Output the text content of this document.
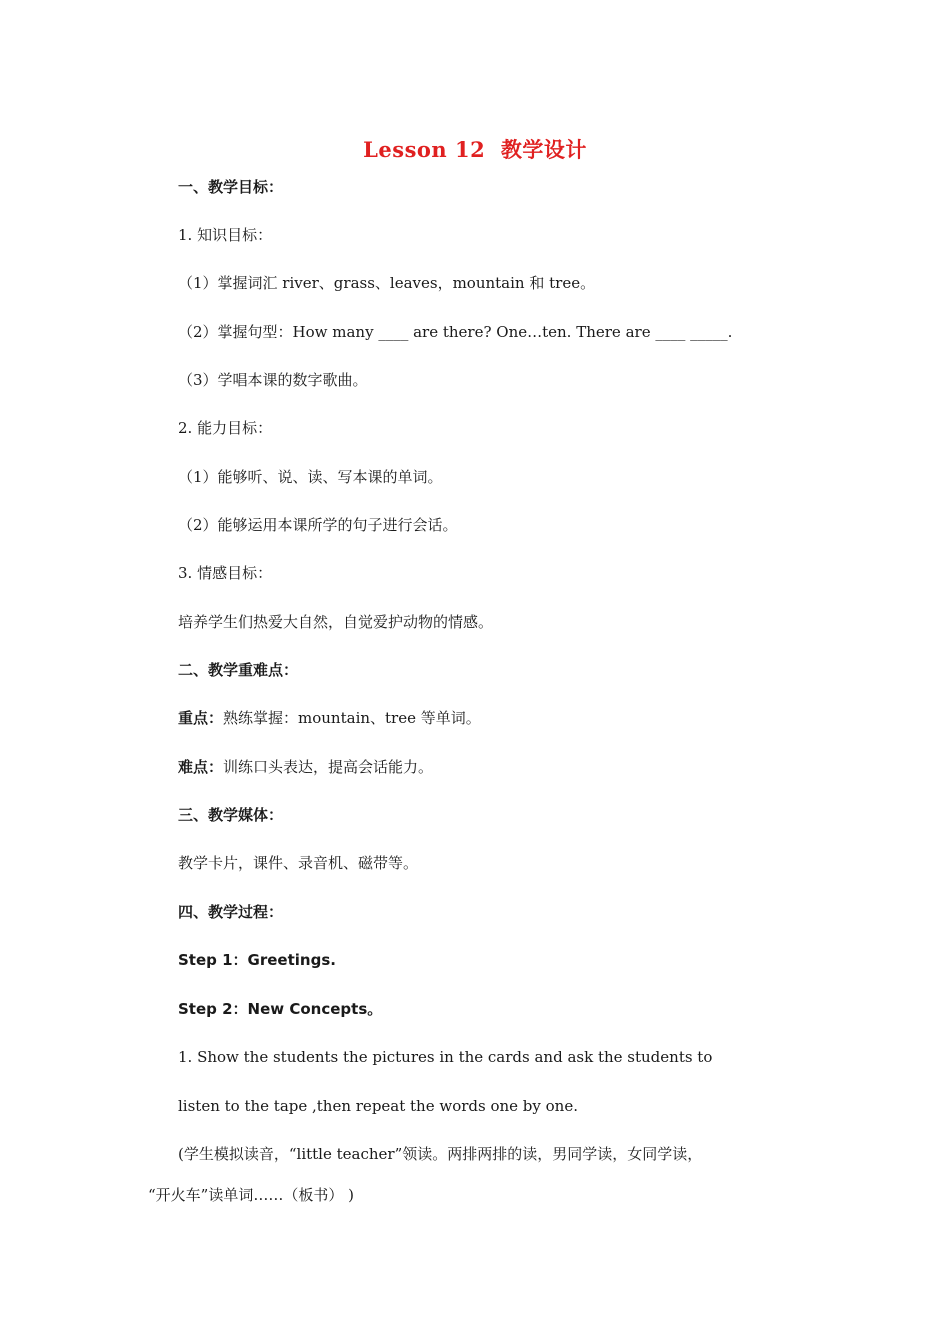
Lesson 12  教学设计
一、教学目标：
1. 知识目标：
（1）掌握词汇 river、grass、leaves，mountain 和 tree。
（2）掌握句型：How many ____ are there? One…ten. There are ____ _____.
（3）学唱本课的数字歌曲。
2. 能力目标：
（1）能够听、说、读、写本课的单词。
（2）能够运用本课所学的句子进行会话。
3. 情感目标：
培养学生们热爱大自然，自觉爱护动物的情感。
二、教学重难点：
重点：熟练掌握：mountain、tree 等单词。
难点：训练口头表达，提高会话能力。
三、教学媒体：
教学卡片，课件、录音机、磁带等。
四、教学过程：
Step 1：Greetings.
Step 2：New Concepts。
1. Show the students the pictures in the cards and ask the students to
listen to the tape ,then repeat the words one by one.
(学生模拟读音，“little teacher”领读。两排两排的读，男同学读，女同学读，
“开火车”读单词……（板书） )
